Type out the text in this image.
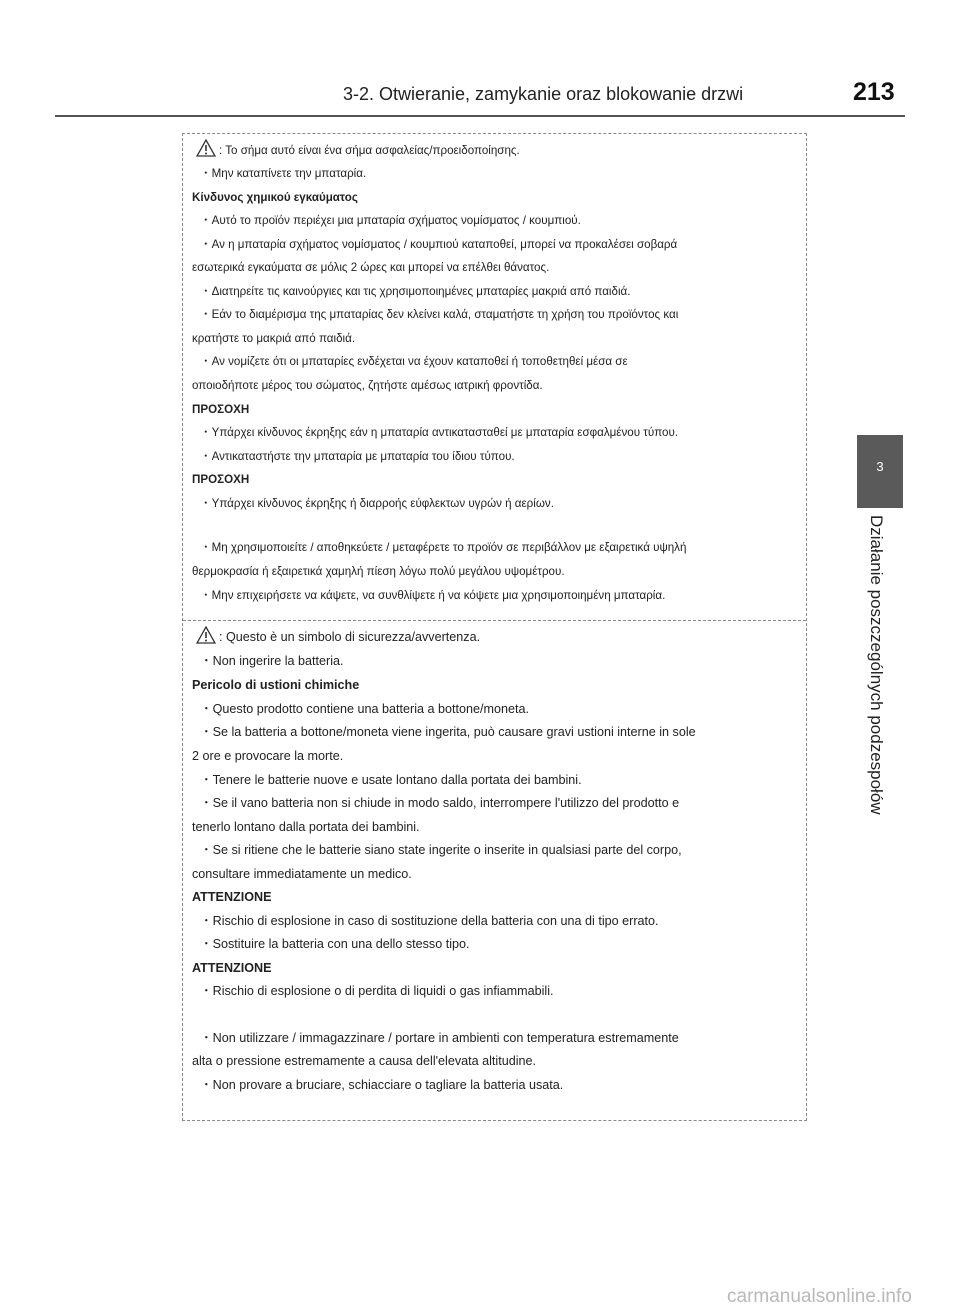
3-2. Otwieranie, zamykanie oraz blokowanie drzwi	213
3
Działanie poszczególnych podzespołów
: Το σήμα αυτό είναι ένα σήμα ασφαλείας/προειδοποίησης.
・Μην καταπίνετε την μπαταρία.
Κίνδυνος χημικού εγκαύματος
・Αυτό το προϊόν περιέχει μια μπαταρία σχήματος νομίσματος / κουμπιού.
・Αν η μπαταρία σχήματος νομίσματος / κουμπιού καταποθεί, μπορεί να προκαλέσει σοβαρά
εσωτερικά εγκαύματα σε μόλις 2 ώρες και μπορεί να επέλθει θάνατος.
・Διατηρείτε τις καινούργιες και τις χρησιμοποιημένες μπαταρίες μακριά από παιδιά.
・Εάν το διαμέρισμα της μπαταρίας δεν κλείνει καλά, σταματήστε τη χρήση του προϊόντος και
κρατήστε το μακριά από παιδιά.
・Αν νομίζετε ότι οι μπαταρίες ενδέχεται να έχουν καταποθεί ή τοποθετηθεί μέσα σε
οποιοδήποτε μέρος του σώματος, ζητήστε αμέσως ιατρική φροντίδα.
ΠΡΟΣΟΧΗ
・Υπάρχει κίνδυνος έκρηξης εάν η μπαταρία αντικατασταθεί με μπαταρία εσφαλμένου τύπου.
・Αντικαταστήστε την μπαταρία με μπαταρία του ίδιου τύπου.
ΠΡΟΣΟΧΗ
・Υπάρχει κίνδυνος έκρηξης ή διαρροής εύφλεκτων υγρών ή αερίων.
・Μη χρησιμοποιείτε / αποθηκεύετε / μεταφέρετε το προϊόν σε περιβάλλον με εξαιρετικά υψηλή
θερμοκρασία ή εξαιρετικά χαμηλή πίεση λόγω πολύ μεγάλου υψομέτρου.
・Μην επιχειρήσετε να κάψετε, να συνθλίψετε ή να κόψετε μια χρησιμοποιημένη μπαταρία.
: Questo è un simbolo di sicurezza/avvertenza.
・Non ingerire la batteria.
Pericolo di ustioni chimiche
・Questo prodotto contiene una batteria a bottone/moneta.
・Se la batteria a bottone/moneta viene ingerita, può causare gravi ustioni interne in sole
2 ore e provocare la morte.
・Tenere le batterie nuove e usate lontano dalla portata dei bambini.
・Se il vano batteria non si chiude in modo saldo, interrompere l'utilizzo del prodotto e
tenerlo lontano dalla portata dei bambini.
・Se si ritiene che le batterie siano state ingerite o inserite in qualsiasi parte del corpo,
consultare immediatamente un medico.
ATTENZIONE
・Rischio di esplosione in caso di sostituzione della batteria con una di tipo errato.
・Sostituire la batteria con una dello stesso tipo.
ATTENZIONE
・Rischio di esplosione o di perdita di liquidi o gas infiammabili.
・Non utilizzare / immagazzinare / portare in ambienti con temperatura estremamente
alta o pressione estremamente a causa dell'elevata altitudine.
・Non provare a bruciare, schiacciare o tagliare la batteria usata.
carmanualsonline.info
